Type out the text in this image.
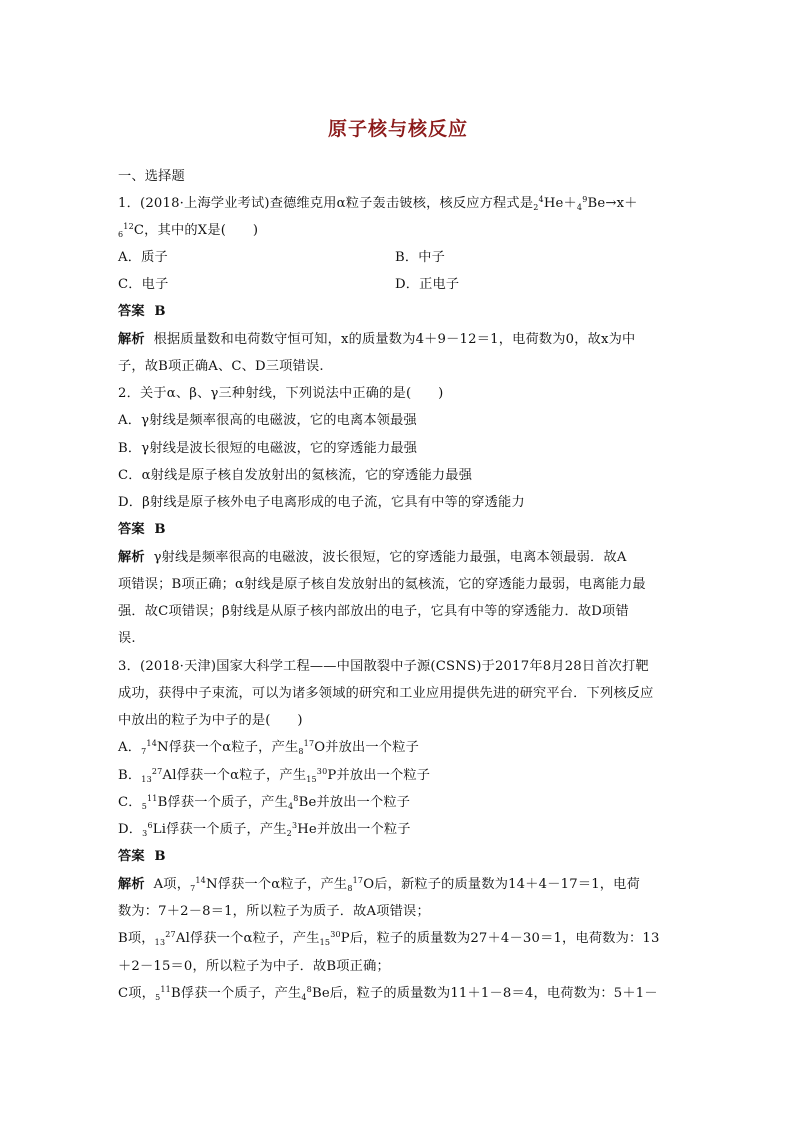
原子核与核反应
一、选择题
1．(2018·上海学业考试)查德维克用α粒子轰击铍核，核反应方程式是$_2^4He+_4^9Be\to x+$
$_6^{12}$C，其中的X是(　　)
A．质子	B．中子
C．电子	D．正电子
答案 B
解析 根据质量数和电荷数守恒可知，x的质量数为4＋9－12＝1，电荷数为0，故x为中
子，故B项正确A、C、D三项错误.
2．关于α、β、γ三种射线，下列说法中正确的是(　　)
A．γ射线是频率很高的电磁波，它的电离本领最强
B．γ射线是波长很短的电磁波，它的穿透能力最强
C．α射线是原子核自发放射出的氦核流，它的穿透能力最强
D．β射线是原子核外电子电离形成的电子流，它具有中等的穿透能力
答案 B
解析 γ射线是频率很高的电磁波，波长很短，它的穿透能力最强，电离本领最弱．故A
项错误；B项正确；α射线是原子核自发放射出的氦核流，它的穿透能力最弱，电离能力最
强．故C项错误；β射线是从原子核内部放出的电子，它具有中等的穿透能力．故D项错
误.
3．(2018·天津)国家大科学工程——中国散裂中子源(CSNS)于2017年8月28日首次打靶
成功，获得中子束流，可以为诸多领域的研究和工业应用提供先进的研究平台．下列核反应
中放出的粒子为中子的是(　　)
A．$_7^{14}$N俘获一个α粒子，产生$_8^{17}$O并放出一个粒子
B．$_{13}^{27}$Al俘获一个α粒子，产生$_{15}^{30}$P并放出一个粒子
C．$_5^{11}$B俘获一个质子，产生$_4^8$Be并放出一个粒子
D．$_3^6$Li俘获一个质子，产生$_2^3$He并放出一个粒子
答案 B
解析 A项，$_7^{14}$N俘获一个α粒子，产生$_8^{17}$O后，新粒子的质量数为14＋4－17＝1，电荷
数为：7＋2－8＝1，所以粒子为质子．故A项错误；
B项，$_{13}^{27}$Al俘获一个α粒子，产生$_{15}^{30}$P后，粒子的质量数为27＋4－30＝1，电荷数为：13
＋2－15＝0，所以粒子为中子．故B项正确；
C项，$_5^{11}$B俘获一个质子，产生$_4^8$Be后，粒子的质量数为11＋1－8＝4，电荷数为：5＋1－
